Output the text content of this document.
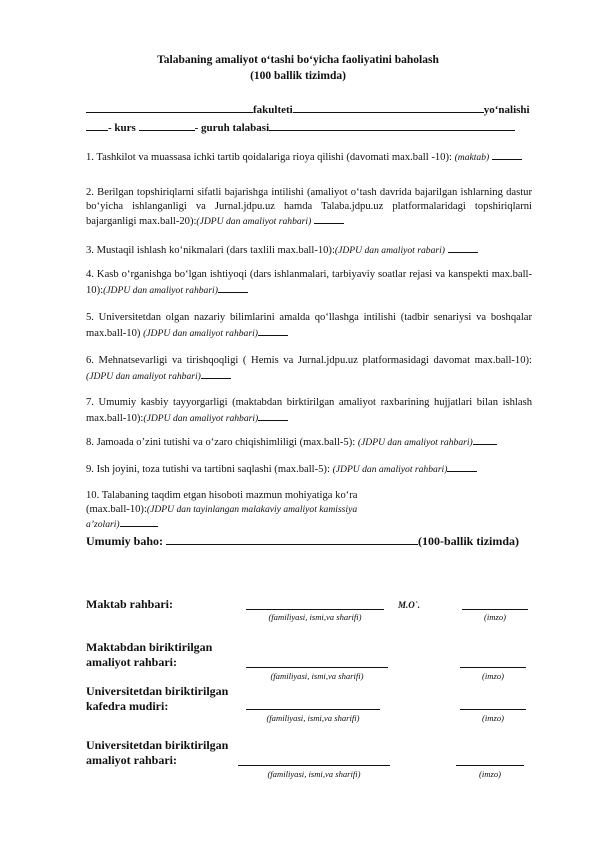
Talabaning amaliyot o‘tashi bo‘yicha faoliyatini baholash
(100 ballik tizimda)
fakulteti	yo‘nalishi
- kurs	- guruh talabasi
1. Tashkilot va muassasa ichki tartib qoidalariga rioya qilishi (davomati max.ball -10): (maktab)
2. Berilgan topshiriqlarni sifatli bajarishga intilishi (amaliyot o‘tash davrida bajarilgan ishlarning dastur bo‘yicha ishlanganligi va Jurnal.jdpu.uz hamda Talaba.jdpu.uz platformalaridagi topshiriqlarni bajarganligi max.ball-20):(JDPU dan amaliyot rahbari)
3. Mustaqil ishlash ko‘nikmalari (dars taxlili max.ball-10):(JDPU dan amaliyot rabari)
4. Kasb o‘rganishga bo‘lgan ishtiyoqi (dars ishlanmalari, tarbiyaviy soatlar rejasi va kanspekti max.ball-10):(JDPU dan amaliyot rahbari)
5. Universitetdan olgan nazariy bilimlarini amalda qo‘llashga intilishi (tadbir senariysi va boshqalar max.ball-10) (JDPU dan amaliyot rahbari)
6. Mehnatsevarligi va tirishqoqligi ( Hemis va Jurnal.jdpu.uz platformasidagi davomat max.ball-10):(JDPU dan amaliyot rahbari)
7. Umumiy kasbiy tayyorgarligi (maktabdan birktirilgan amaliyot raxbarining hujjatlari bilan ishlash max.ball-10):(JDPU dan amaliyot rahbari)
8. Jamoada o’zini tutishi va o‘zaro chiqishimliligi (max.ball-5): (JDPU dan amaliyot rahbari)
9. Ish joyini, toza tutishi va tartibni saqlashi (max.ball-5): (JDPU dan amaliyot rahbari)
10. Talabaning taqdim etgan hisoboti mazmun mohiyatiga ko‘ra (max.ball-10):(JDPU dan tayinlangan malakaviy amaliyot kamissiya a’zolari)
Umumiy baho:	(100-ballik tizimda)
Maktab rahbari:	M.O`.
(familiyasi, ismi,va sharifi)	(imzo)
Maktabdan biriktirilgan
amaliyot rahbari:
(familiyasi, ismi,va sharifi)	(imzo)
Universitetdan biriktirilgan
kafedra mudiri:
(familiyasi, ismi,va sharifi)	(imzo)
Universitetdan biriktirilgan
amaliyot rahbari:
(familiyasi, ismi,va sharifi)	(imzo)
